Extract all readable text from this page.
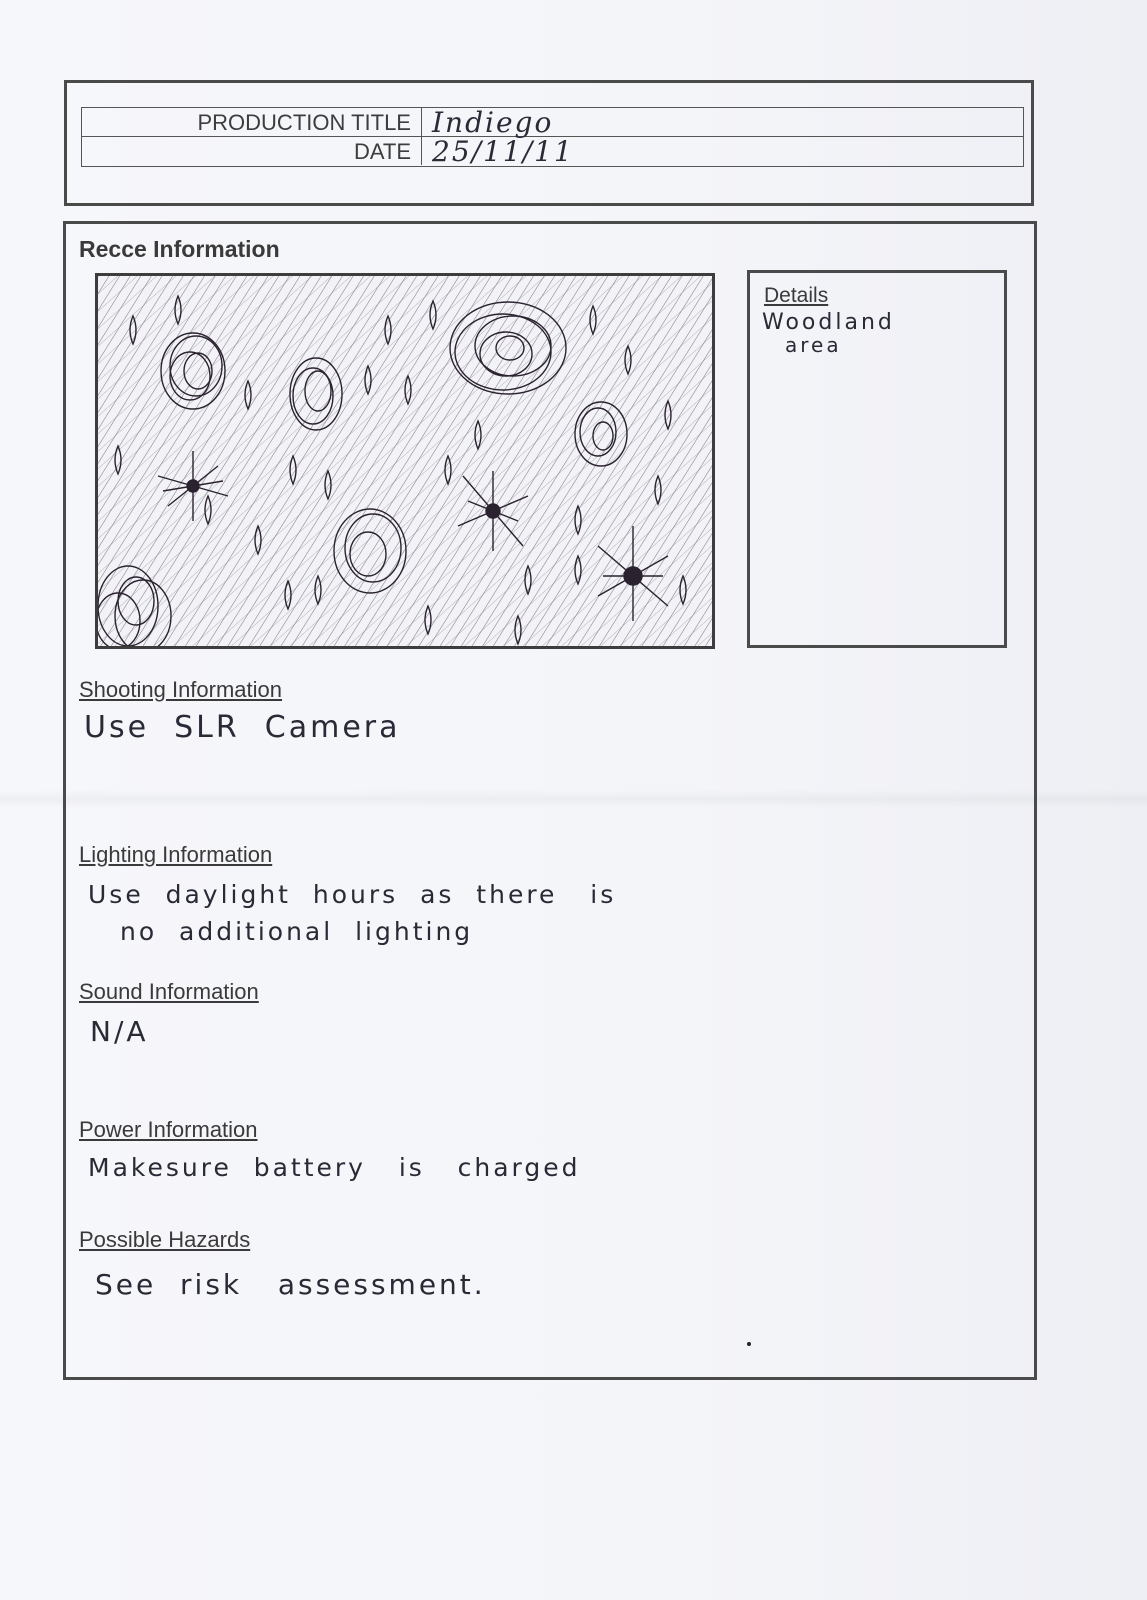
PRODUCTION TITLE Indiego
DATE 25/11/11
Recce Information
Details
Woodland
area
Shooting Information
Use  SLR  Camera
Lighting Information
Use  daylight  hours  as  there   is
no  additional  lighting
Sound Information
N/A
Power Information
Makesure  battery   is   charged
Possible Hazards
See  risk   assessment.
